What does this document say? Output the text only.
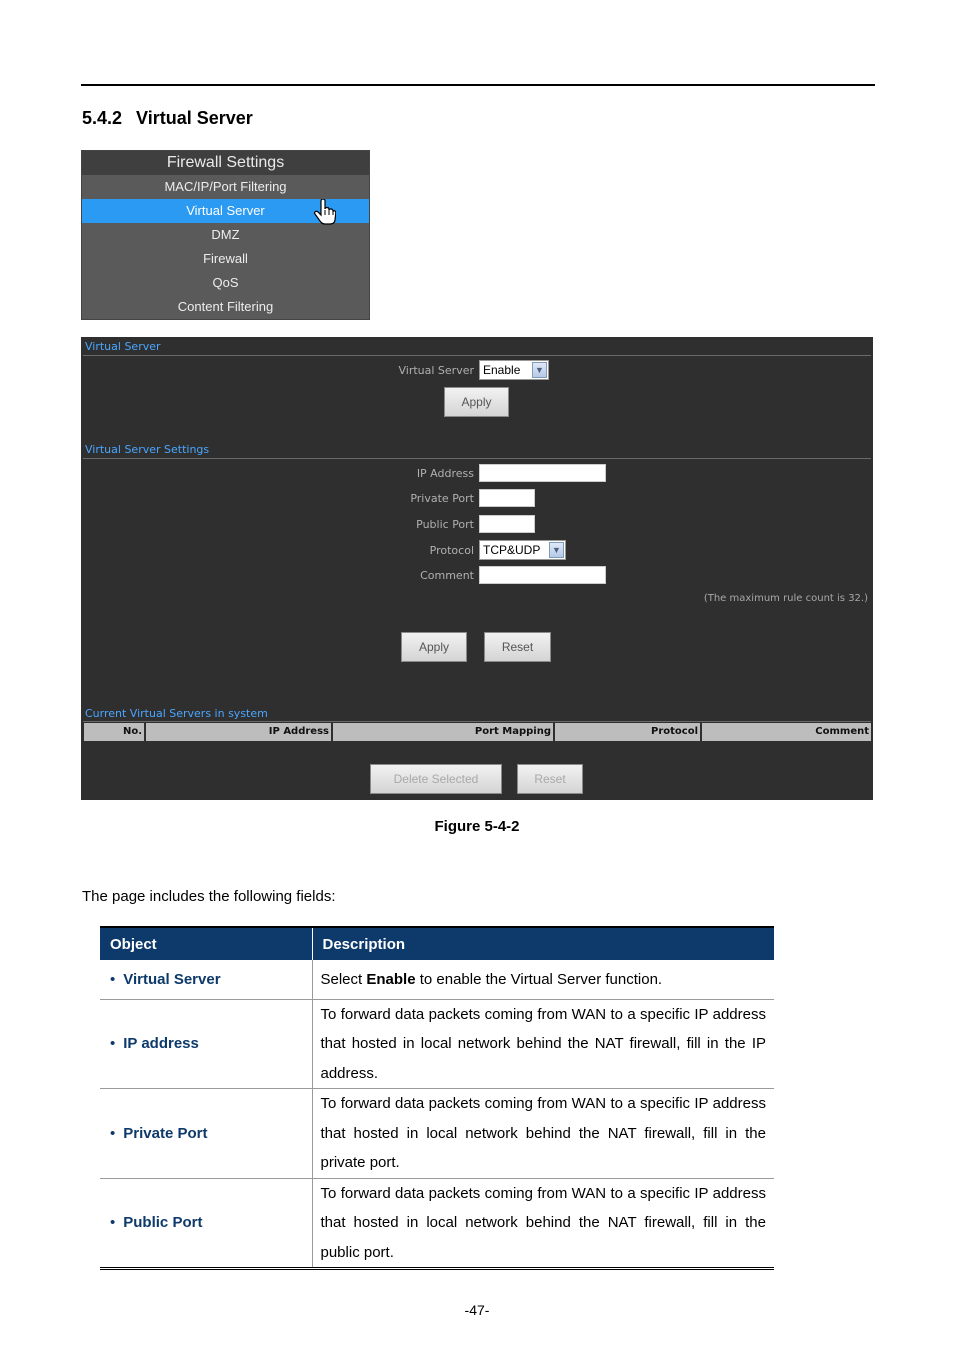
5.4.2 Virtual Server
Firewall Settings
MAC/IP/Port Filtering
Virtual Server
DMZ
Firewall
QoS
Content Filtering
Virtual Server
Virtual Server Enable	▼
Apply
Virtual Server Settings
IP Address
Private Port
Public Port
Protocol TCP&UDP	▼
Comment
(The maximum rule count is 32.)
Apply	Reset
Current Virtual Servers in system
No.	IP Address	Port Mapping	Protocol	Comment
Delete Selected	Reset
Figure 5-4-2
The page includes the following fields:
Object	Description
• Virtual Server	Select Enable to enable the Virtual Server function.
• IP address	To forward data packets coming from WAN to a specific IP address that hosted in local network behind the NAT firewall, fill in the IP address.
• Private Port	To forward data packets coming from WAN to a specific IP address that hosted in local network behind the NAT firewall, fill in the private port.
• Public Port	To forward data packets coming from WAN to a specific IP address that hosted in local network behind the NAT firewall, fill in the public port.
-47-
